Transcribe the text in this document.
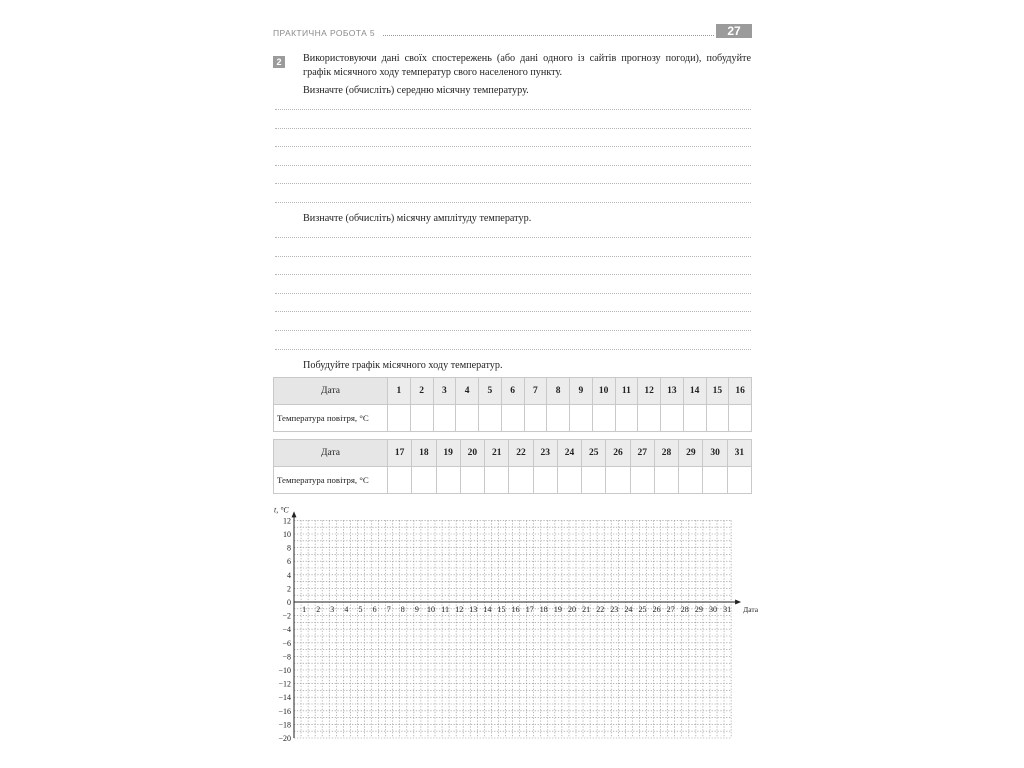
ПРАКТИЧНА РОБОТА 5	27
2	Використовуючи дані своїх спостережень (або дані одного із сайтів прогнозу погоди), побудуйте графік місячного ходу температур свого населеного пункту.
Визначте (обчисліть) середню місячну температуру.
Визначте (обчисліть) місячну амплітуду температур.
Побудуйте графік місячного ходу температур.
Дата	1	2	3	4	5	6	7	8	9	10	11	12	13	14	15	16
Температура повітря, °С																
Дата	17	18	19	20	21	22	23	24	25	26	27	28	29	30	31
Температура повітря, °С															
12
10
8
6
4
2
0
−2
−4
−6
−8
−10
−12
−14
−16
−18
−20
1 2 3 4 5 6 7 8 9 10 11 12 13 14 15 16 17 18 19 20 21 22 23 24 25 26 27 28 29 30 31
t, °C
Дата
